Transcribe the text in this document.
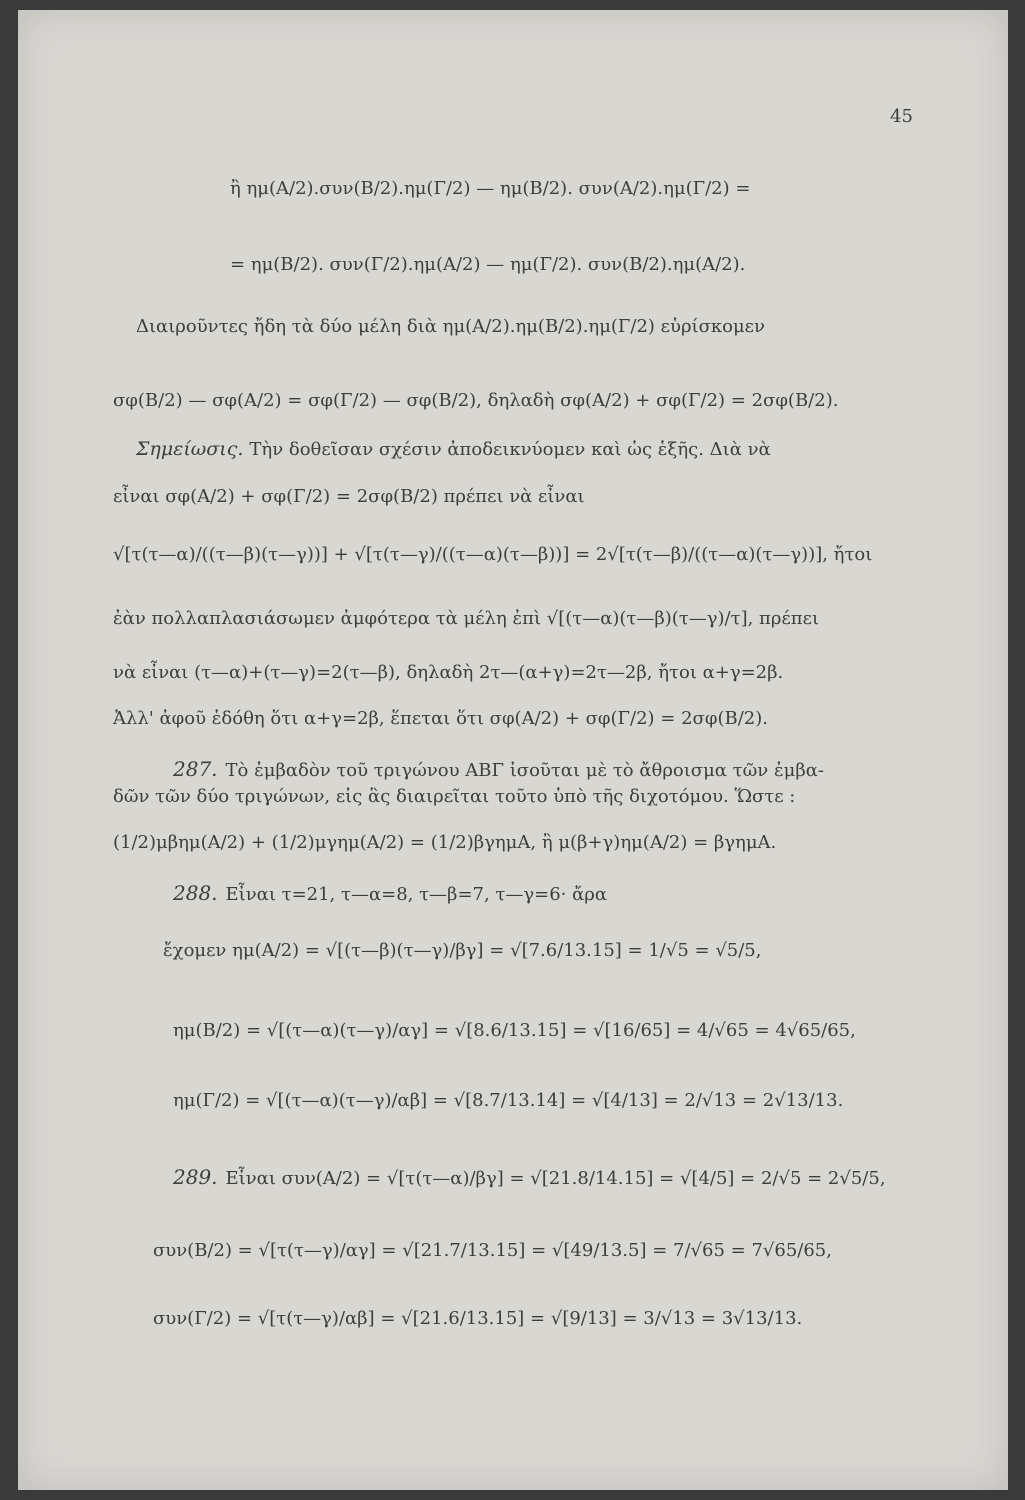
45
ἢ ημ(A/2).συν(B/2).ημ(Γ/2) — ημ(B/2). συν(A/2).ημ(Γ/2) =
= ημ(B/2). συν(Γ/2).ημ(A/2) — ημ(Γ/2). συν(B/2).ημ(A/2).
Διαιροῦντες ἤδη τὰ δύο μέλη διὰ ημ(A/2).ημ(B/2).ημ(Γ/2) εὑρίσκομεν
σφ(B/2) — σφ(A/2) = σφ(Γ/2) — σφ(B/2), δηλαδὴ σφ(A/2) + σφ(Γ/2) = 2σφ(B/2).
Σημείωσις. Τὴν δοθεῖσαν σχέσιν ἀποδεικνύομεν καὶ ὡς ἑξῆς. Διὰ νὰ
εἶναι σφ(A/2) + σφ(Γ/2) = 2σφ(B/2) πρέπει νὰ εἶναι
√[τ(τ—α)/((τ—β)(τ—γ))] + √[τ(τ—γ)/((τ—α)(τ—β))] = 2√[τ(τ—β)/((τ—α)(τ—γ))], ἤτοι
ἐὰν πολλαπλασιάσωμεν ἀμφότερα τὰ μέλη ἐπὶ √[(τ—α)(τ—β)(τ—γ)/τ], πρέπει
νὰ εἶναι (τ—α)+(τ—γ)=2(τ—β), δηλαδὴ 2τ—(α+γ)=2τ—2β, ἤτοι α+γ=2β.
Ἀλλ' ἀφοῦ ἐδόθη ὅτι α+γ=2β, ἕπεται ὅτι σφ(A/2) + σφ(Γ/2) = 2σφ(B/2).
287. Τὸ ἐμβαδὸν τοῦ τριγώνου ΑΒΓ ἰσοῦται μὲ τὸ ἄθροισμα τῶν ἐμβα-
δῶν τῶν δύο τριγώνων, εἰς ἃς διαιρεῖται τοῦτο ὑπὸ τῆς διχοτόμου. Ὥστε :
(1/2)μβημ(A/2) + (1/2)μγημ(A/2) = (1/2)βγημA, ἢ μ(β+γ)ημ(A/2) = βγημA.
288. Εἶναι τ=21, τ—α=8, τ—β=7, τ—γ=6· ἄρα
ἔχομεν ημ(A/2) = √[(τ—β)(τ—γ)/βγ] = √[7.6/13.15] = 1/√5 = √5/5,
ημ(B/2) = √[(τ—α)(τ—γ)/αγ] = √[8.6/13.15] = √[16/65] = 4/√65 = 4√65/65,
ημ(Γ/2) = √[(τ—α)(τ—γ)/αβ] = √[8.7/13.14] = √[4/13] = 2/√13 = 2√13/13.
289. Εἶναι συν(A/2) = √[τ(τ—α)/βγ] = √[21.8/14.15] = √[4/5] = 2/√5 = 2√5/5,
συν(B/2) = √[τ(τ—γ)/αγ] = √[21.7/13.15] = √[49/13.5] = 7/√65 = 7√65/65,
συν(Γ/2) = √[τ(τ—γ)/αβ] = √[21.6/13.15] = √[9/13] = 3/√13 = 3√13/13.
